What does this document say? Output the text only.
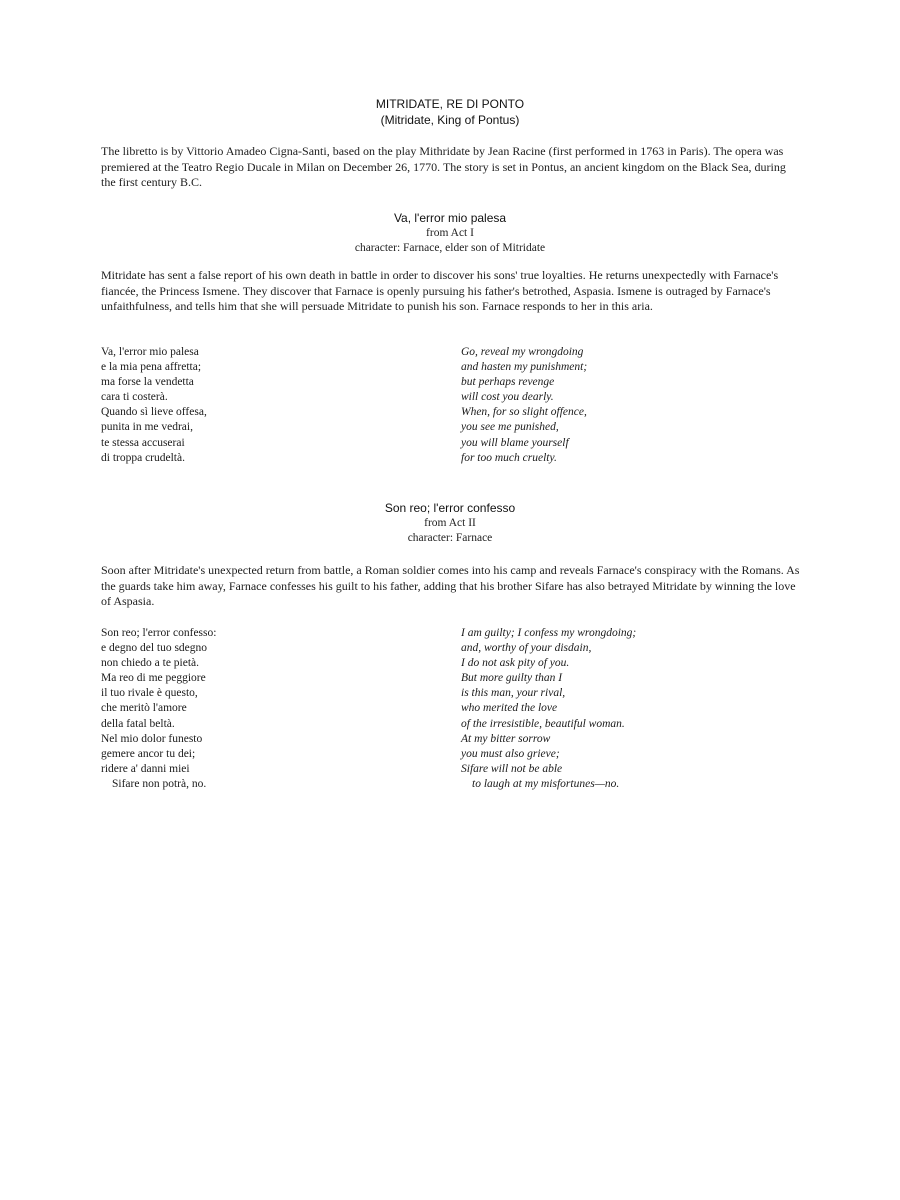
MITRIDATE, RE DI PONTO
(Mitridate, King of Pontus)
The libretto is by Vittorio Amadeo Cigna-Santi, based on the play Mithridate by Jean Racine (first performed in 1763 in Paris). The opera was premiered at the Teatro Regio Ducale in Milan on December 26, 1770. The story is set in Pontus, an ancient kingdom on the Black Sea, during the first century B.C.
Va, l'error mio palesa
from Act I
character: Farnace, elder son of Mitridate
Mitridate has sent a false report of his own death in battle in order to discover his sons' true loyalties. He returns unexpectedly with Farnace's fiancée, the Princess Ismene. They discover that Farnace is openly pursuing his father's betrothed, Aspasia. Ismene is outraged by Farnace's unfaithfulness, and tells him that she will persuade Mitridate to punish his son. Farnace responds to her in this aria.
Va, l'error mio palesa
e la mia pena affretta;
ma forse la vendetta
cara ti costerà.
Quando sì lieve offesa,
punita in me vedrai,
te stessa accuserai
di troppa crudeltà.
Go, reveal my wrongdoing
and hasten my punishment;
but perhaps revenge
will cost you dearly.
When, for so slight offence,
you see me punished,
you will blame yourself
for too much cruelty.
Son reo; l'error confesso
from Act II
character: Farnace
Soon after Mitridate's unexpected return from battle, a Roman soldier comes into his camp and reveals Farnace's conspiracy with the Romans. As the guards take him away, Farnace confesses his guilt to his father, adding that his brother Sifare has also betrayed Mitridate by winning the love of Aspasia.
Son reo; l'error confesso:
e degno del tuo sdegno
non chiedo a te pietà.
Ma reo di me peggiore
il tuo rivale è questo,
che meritò l'amore
della fatal beltà.
Nel mio dolor funesto
gemere ancor tu dei;
ridere a' danni miei
Sifare non potrà, no.
I am guilty; I confess my wrongdoing;
and, worthy of your disdain,
I do not ask pity of you.
But more guilty than I
is this man, your rival,
who merited the love
of the irresistible, beautiful woman.
At my bitter sorrow
you must also grieve;
Sifare will not be able
to laugh at my misfortunes—no.
